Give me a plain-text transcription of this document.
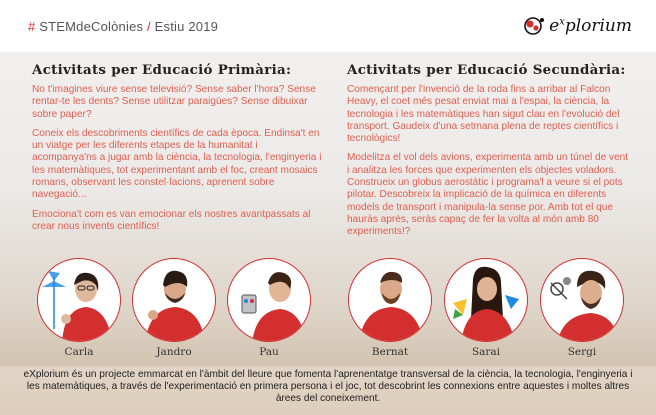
# STEMdeColònies / Estiu 2019	$e^xplorium$
Activitats per Educació Primària:

No t'imagines viure sense televisió? Sense saber l'hora? Sense rentar-te les dents? Sense utilitzar paraigües? Sense dibuixar sobre paper?

Coneix els descobriments científics de cada època. Endinsa't en un viatge per les diferents etapes de la humanitat i acompanya'ns a jugar amb la ciència, la tecnologia, l'enginyeria i les matemàtiques, tot experimentant amb el foc, creant mosaics romans, observant les constel·lacions, aprenent sobre navegació...

Emociona't com es van emocionar els nostres avantpassats al crear nous invents científics!

Activitats per Educació Secundària:

Començant per l'invenció de la roda fins a arribar al Falcon Heavy, el coet més pesat enviat mai a l'espai, la ciència, la tecnologia i les matemàtiques han sigut clau en l'evolució del transport. Gaudeix d'una setmana plena de reptes científics i tecnològics!

Modelitza el vol dels avions, experimenta amb un túnel de vent i analitza les forces que experimenten els objectes voladors. Construeix un globus aerostàtic i programa'l a veure si el pots pilotar. Descobreix la implicació de la química en diferents models de transport i manipula-la sense por. Amb tot el que hauràs après, seràs capaç de fer la volta al món amb 80 experiments!?

Carla	Jandro	Pau	Bernat	Sarai	Sergi

eXplorium és un projecte emmarcat en l'àmbit del lleure que fomenta l'aprenentatge transversal de la ciència, la tecnologia, l'enginyeria i les matemàtiques, a través de l'experimentació en primera persona i el joc, tot descobrint les connexions entre aquestes i moltes altres àrees del coneixement.
